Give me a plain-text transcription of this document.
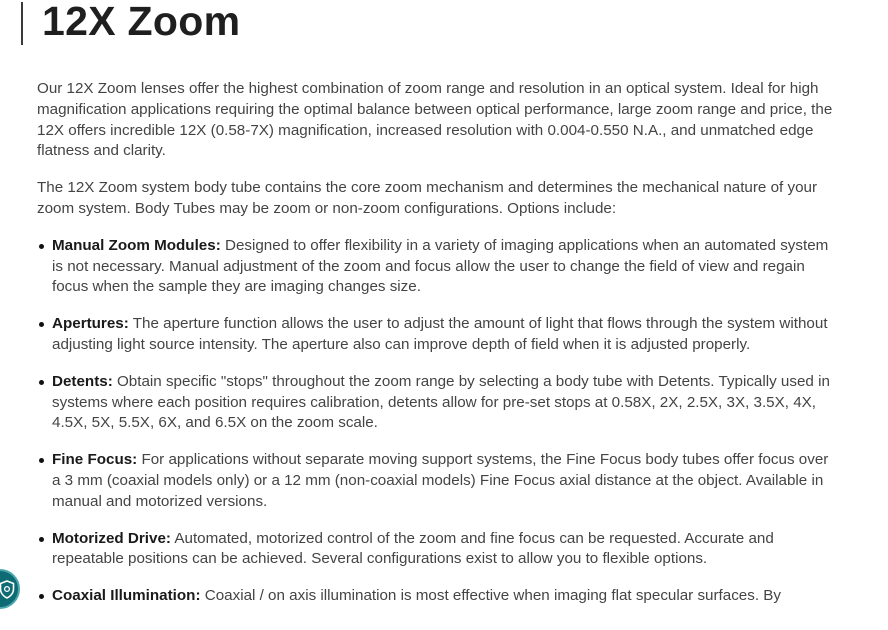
12X Zoom

Our 12X Zoom lenses offer the highest combination of zoom range and resolution in an optical system. Ideal for high magnification applications requiring the optimal balance between optical performance, large zoom range and price, the 12X offers incredible 12X (0.58-7X) magnification, increased resolution with 0.004-0.550 N.A., and unmatched edge flatness and clarity.

The 12X Zoom system body tube contains the core zoom mechanism and determines the mechanical nature of your zoom system. Body Tubes may be zoom or non-zoom configurations. Options include:

Manual Zoom Modules: Designed to offer flexibility in a variety of imaging applications when an automated system is not necessary. Manual adjustment of the zoom and focus allow the user to change the field of view and regain focus when the sample they are imaging changes size.
Apertures: The aperture function allows the user to adjust the amount of light that flows through the system without adjusting light source intensity. The aperture also can improve depth of field when it is adjusted properly.
Detents: Obtain specific "stops" throughout the zoom range by selecting a body tube with Detents. Typically used in systems where each position requires calibration, detents allow for pre-set stops at 0.58X, 2X, 2.5X, 3X, 3.5X, 4X, 4.5X, 5X, 5.5X, 6X, and 6.5X on the zoom scale.
Fine Focus: For applications without separate moving support systems, the Fine Focus body tubes offer focus over a 3 mm (coaxial models only) or a 12 mm (non-coaxial models) Fine Focus axial distance at the object. Available in manual and motorized versions.
Motorized Drive: Automated, motorized control of the zoom and fine focus can be requested. Accurate and repeatable positions can be achieved. Several configurations exist to allow you to flexible options.
Coaxial Illumination: Coaxial / on axis illumination is most effective when imaging flat specular surfaces. By
